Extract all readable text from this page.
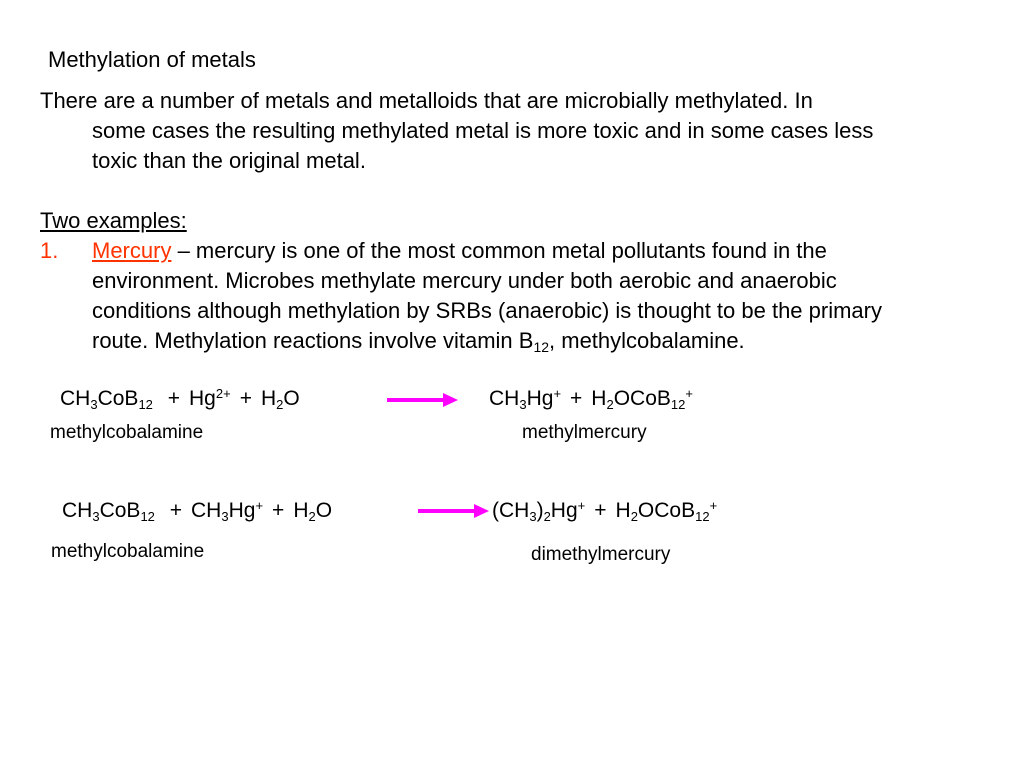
Methylation of metals
There are a number of metals and metalloids that are microbially methylated. In
some cases the resulting methylated metal is more toxic and in some cases less
toxic than the original metal.

Two examples:
1. Mercury – mercury is one of the most common metal pollutants found in the
environment. Microbes methylate mercury under both aerobic and anaerobic
conditions although methylation by SRBs (anaerobic) is thought to be the primary
route. Methylation reactions involve vitamin $B_{12}$, methylcobalamine.
$CH_3CoB_{12} + Hg^{2+} + H_2O$	$CH_3Hg^+$ + $H_2OCoB_{12}^+$
methylcobalamine	methylmercury
$CH_3CoB_{12} + CH_3Hg^+ + H_2O$	$(CH_3)_2Hg^+$ + $H_2OCoB_{12}^+$
methylcobalamine	dimethylmercury
